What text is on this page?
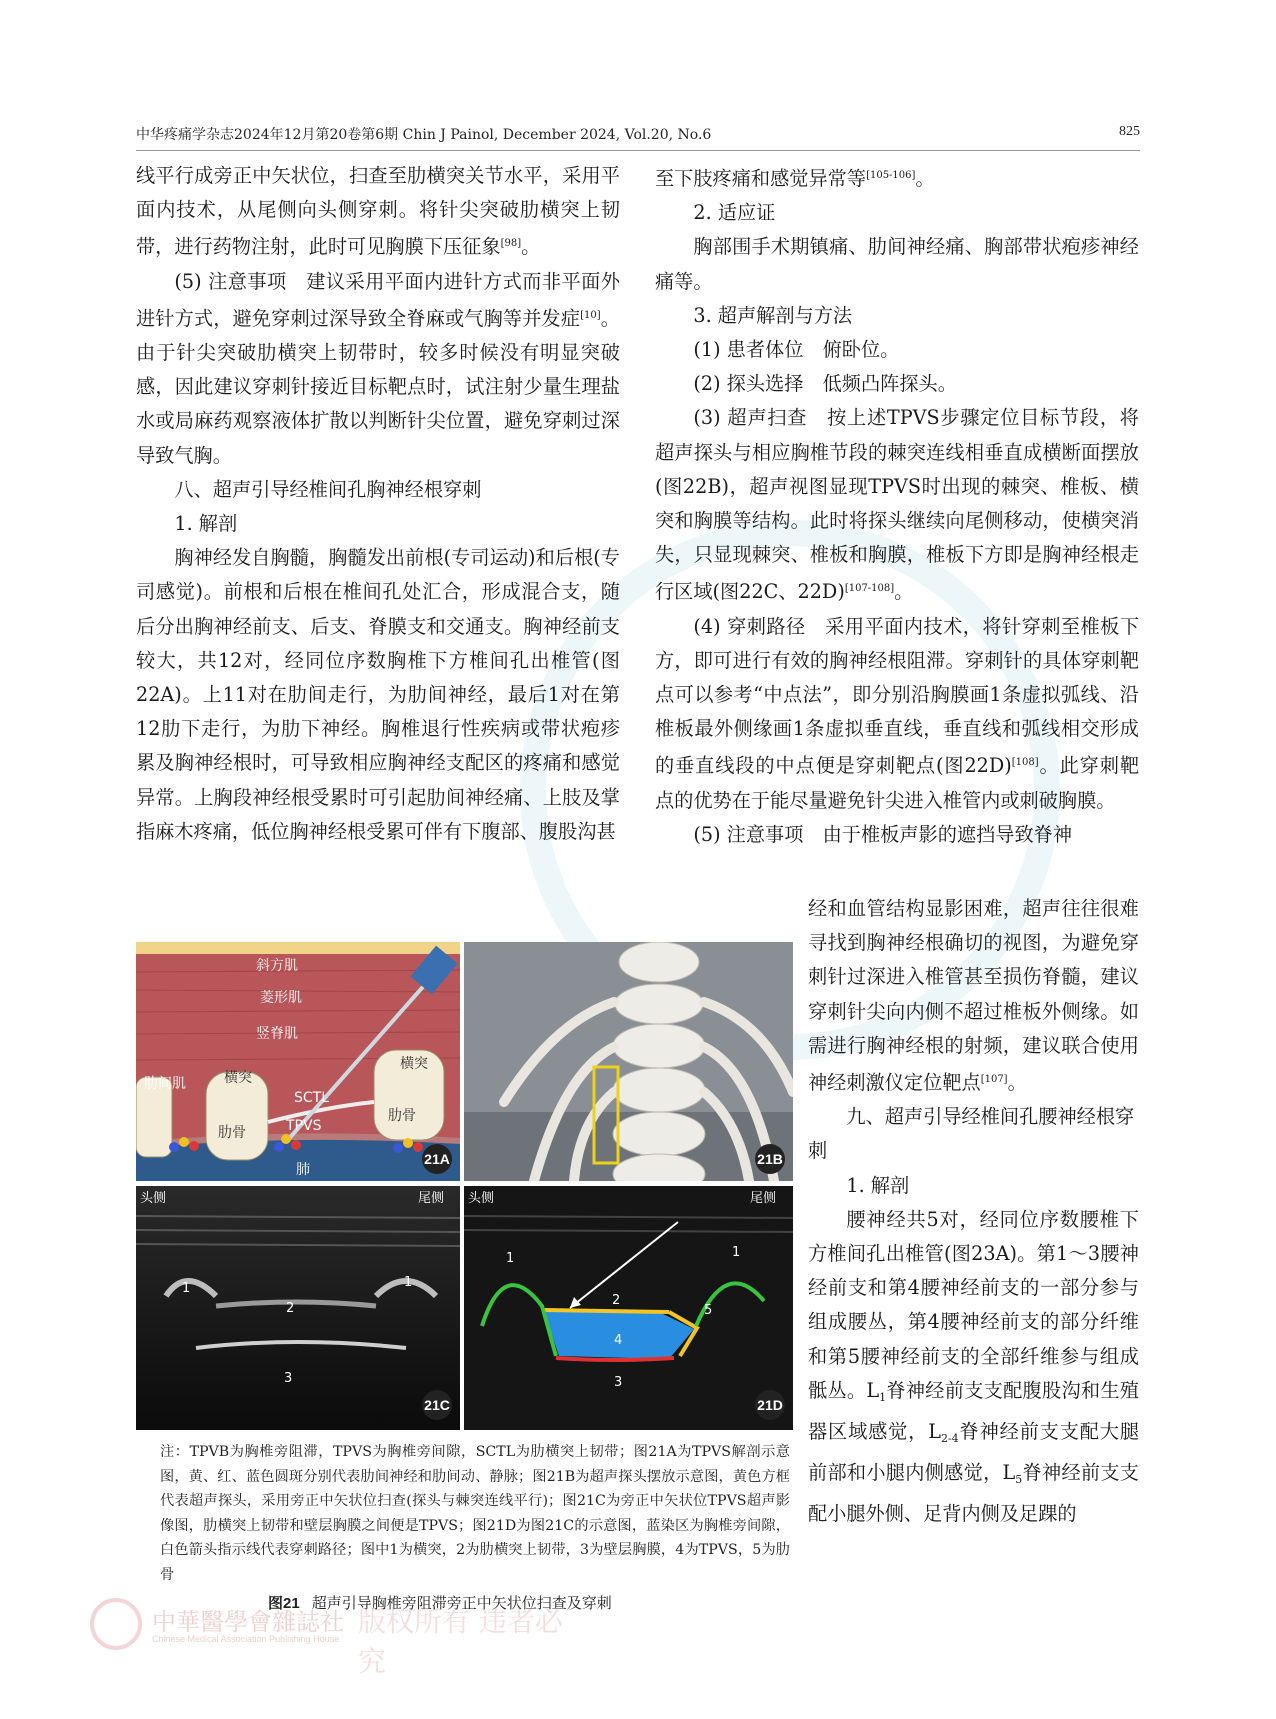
中华疼痛学杂志2024年12月第20卷第6期 Chin J Painol, December 2024, Vol.20, No.6	825

线平行成旁正中矢状位，扫查至肋横突关节水平，采用平面内技术，从尾侧向头侧穿刺。将针尖突破肋横突上韧带，进行药物注射，此时可见胸膜下压征象[98]。

(5) 注意事项　 建议采用平面内进针方式而非平面外进针方式，避免穿刺过深导致全脊麻或气胸等并发症[10]。由于针尖突破肋横突上韧带时，较多时候没有明显突破感，因此建议穿刺针接近目标靶点时，试注射少量生理盐水或局麻药观察液体扩散以判断针尖位置，避免穿刺过深导致气胸。

八、超声引导经椎间孔胸神经根穿刺
1. 解剖

胸神经发自胸髓，胸髓发出前根(专司运动)和后根(专司感觉)。前根和后根在椎间孔处汇合，形成混合支，随后分出胸神经前支、后支、脊膜支和交通支。胸神经前支较大，共12对，经同位序数胸椎下方椎间孔出椎管(图22A)。上11对在肋间走行，为肋间神经，最后1对在第12肋下走行，为肋下神经。胸椎退行性疾病或带状疱疹累及胸神经根时，可导致相应胸神经支配区的疼痛和感觉异常。上胸段神经根受累时可引起肋间神经痛、上肢及掌指麻木疼痛，低位胸神经根受累可伴有下腹部、腹股沟甚

至下肢疼痛和感觉异常等[105-106]。

2. 适应证

胸部围手术期镇痛、肋间神经痛、胸部带状疱疹神经痛等。

3. 超声解剖与方法

(1) 患者体位　俯卧位。

(2) 探头选择　低频凸阵探头。

(3) 超声扫查　 按上述TPVS步骤定位目标节段，将超声探头与相应胸椎节段的棘突连线相垂直成横断面摆放(图22B)，超声视图显现TPVS时出现的棘突、椎板、横突和胸膜等结构。此时将探头继续向尾侧移动，使横突消失，只显现棘突、椎板和胸膜，椎板下方即是胸神经根走行区域(图22C、22D)[107-108]。

(4) 穿刺路径　 采用平面内技术，将针穿刺至椎板下方，即可进行有效的胸神经根阻滞。穿刺针的具体穿刺靶点可以参考“中点法”，即分别沿胸膜画1条虚拟弧线、沿椎板最外侧缘画1条虚拟垂直线，垂直线和弧线相交形成的垂直线段的中点便是穿刺靶点(图22D)[108]。此穿刺靶点的优势在于能尽量避免针尖进入椎管内或刺破胸膜。

(5) 注意事项　 由于椎板声影的遮挡导致脊神

经和血管结构显影困难，超声往往很难寻找到胸神经根确切的视图，为避免穿刺针过深进入椎管甚至损伤脊髓，建议穿刺针尖向内侧不超过椎板外侧缘。如需进行胸神经根的射频，建议联合使用神经刺激仪定位靶点[107]。

九、超声引导经椎间孔腰神经根穿刺
1. 解剖

腰神经共5对，经同位序数腰椎下方椎间孔出椎管(图23A)。第1～3腰神经前支和第4腰神经前支的一部分参与组成腰丛，第4腰神经前支的部分纤维和第5腰神经前支的全部纤维参与组成骶丛。$L_1$脊神经前支支配腹股沟和生殖器区域感觉，$L_{2-4}$脊神经前支支配大腿前部和小腿内侧感觉，$L_5$脊神经前支支配小腿外侧、足背内侧及足踝的

斜方肌
菱形肌
竖脊肌
肋间肌
横突
横突
SCTL
肋骨
肋骨	TPVS
肺
21A	21B
头侧	尾侧
1	1
2
3
21C
头侧	尾侧
1	1
2
4
5
3
21D
注：TPVB为胸椎旁阻滞，TPVS为胸椎旁间隙，SCTL为肋横突上韧带；图21A为TPVS解剖示意图，黄、红、蓝色圆斑分别代表肋间神经和肋间动、静脉；图21B为超声探头摆放示意图，黄色方框代表超声探头，采用旁正中矢状位扫查(探头与棘突连线平行)；图21C为旁正中矢状位TPVS超声影像图，肋横突上韧带和壁层胸膜之间便是TPVS；图21D为图21C的示意图，蓝染区为胸椎旁间隙，白色箭头指示线代表穿刺路径；图中1为横突，2为肋横突上韧带，3为壁层胸膜，4为TPVS，5为肋骨
图21 超声引导胸椎旁阻滞旁正中矢状位扫查及穿刺
中華醫學會雜誌社
Chinese Medical Association Publishing House
版权所有 违者必究
